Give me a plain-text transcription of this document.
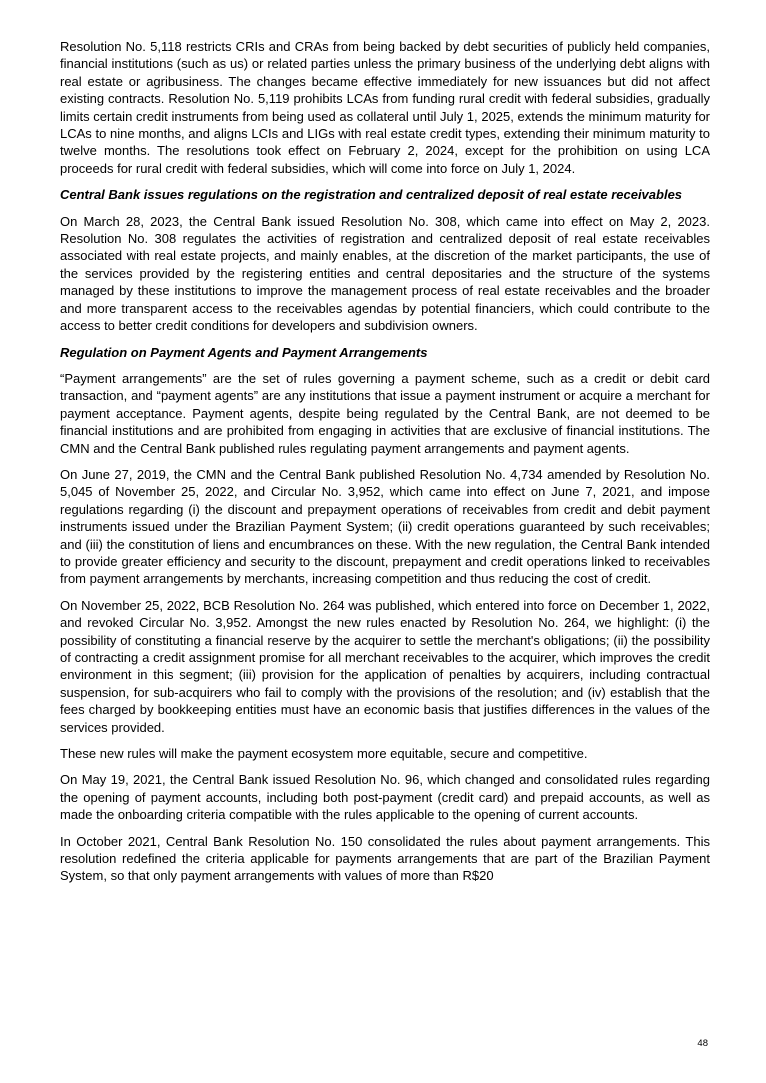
Resolution No. 5,118 restricts CRIs and CRAs from being backed by debt securities of publicly held companies, financial institutions (such as us) or related parties unless the primary business of the underlying debt aligns with real estate or agribusiness. The changes became effective immediately for new issuances but did not affect existing contracts. Resolution No. 5,119 prohibits LCAs from funding rural credit with federal subsidies, gradually limits certain credit instruments from being used as collateral until July 1, 2025, extends the minimum maturity for LCAs to nine months, and aligns LCIs and LIGs with real estate credit types, extending their minimum maturity to twelve months. The resolutions took effect on February 2, 2024, except for the prohibition on using LCA proceeds for rural credit with federal subsidies, which will come into force on July 1, 2024.

Central Bank issues regulations on the registration and centralized deposit of real estate receivables

On March 28, 2023, the Central Bank issued Resolution No. 308, which came into effect on May 2, 2023. Resolution No. 308 regulates the activities of registration and centralized deposit of real estate receivables associated with real estate projects, and mainly enables, at the discretion of the market participants, the use of the services provided by the registering entities and central depositaries and the structure of the systems managed by these institutions to improve the management process of real estate receivables and the broader and more transparent access to the receivables agendas by potential financiers, which could contribute to the access to better credit conditions for developers and subdivision owners.

Regulation on Payment Agents and Payment Arrangements

“Payment arrangements” are the set of rules governing a payment scheme, such as a credit or debit card transaction, and “payment agents” are any institutions that issue a payment instrument or acquire a merchant for payment acceptance. Payment agents, despite being regulated by the Central Bank, are not deemed to be financial institutions and are prohibited from engaging in activities that are exclusive of financial institutions. The CMN and the Central Bank published rules regulating payment arrangements and payment agents.

On June 27, 2019, the CMN and the Central Bank published Resolution No. 4,734 amended by Resolution No. 5,045 of November 25, 2022, and Circular No. 3,952, which came into effect on June 7, 2021, and impose regulations regarding (i) the discount and prepayment operations of receivables from credit and debit payment instruments issued under the Brazilian Payment System; (ii) credit operations guaranteed by such receivables; and (iii) the constitution of liens and encumbrances on these. With the new regulation, the Central Bank intended to provide greater efficiency and security to the discount, prepayment and credit operations linked to receivables from payment arrangements by merchants, increasing competition and thus reducing the cost of credit.

On November 25, 2022, BCB Resolution No. 264 was published, which entered into force on December 1, 2022, and revoked Circular No. 3,952. Amongst the new rules enacted by Resolution No. 264, we highlight: (i) the possibility of constituting a financial reserve by the acquirer to settle the merchant's obligations; (ii) the possibility of contracting a credit assignment promise for all merchant receivables to the acquirer, which improves the credit environment in this segment; (iii) provision for the application of penalties by acquirers, including contractual suspension, for sub-acquirers who fail to comply with the provisions of the resolution; and (iv) establish that the fees charged by bookkeeping entities must have an economic basis that justifies differences in the values of the services provided.

These new rules will make the payment ecosystem more equitable, secure and competitive.

On May 19, 2021, the Central Bank issued Resolution No. 96, which changed and consolidated rules regarding the opening of payment accounts, including both post-payment (credit card) and prepaid accounts, as well as made the onboarding criteria compatible with the rules applicable to the opening of current accounts.

In October 2021, Central Bank Resolution No. 150 consolidated the rules about payment arrangements. This resolution redefined the criteria applicable for payments arrangements that are part of the Brazilian Payment System, so that only payment arrangements with values of more than R$20

48
